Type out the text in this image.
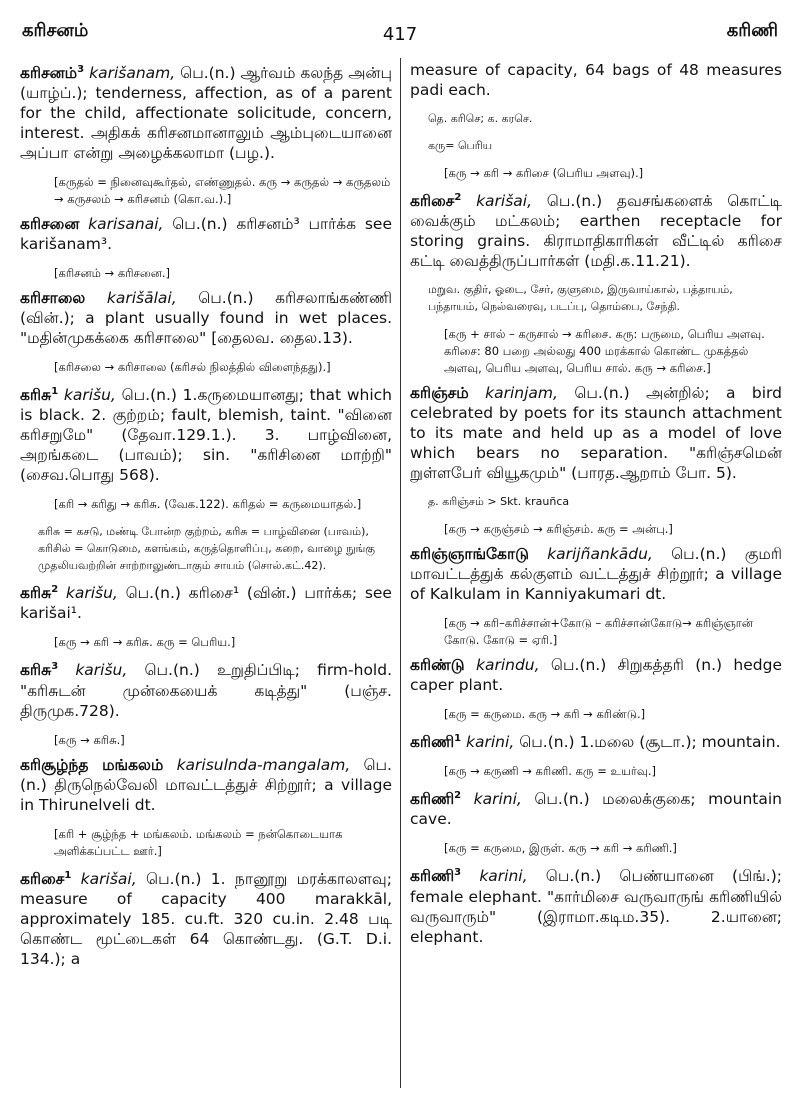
கரிசனம்	417	கரிணி
கரிசனம்$^3$ karišanam, பெ.(n.) ஆர்வம் கலந்த அன்பு (யாழ்ப்.); tenderness, affection, as of a parent for the child, affectionate solicitude, concern, interest. அதிகக் கரிசனமானாலும் ஆம்புடையானை அப்பா என்று அழைக்கலாமா (பழ.).
[கருதல் = நினைவுகூர்தல், எண்ணுதல். கரு → கருதல் → கருதலம் → கருசலம் → கரிசனம் (கொ.வ.).]
கரிசனை karisanai, பெ.(n.) கரிசனம்³ பார்க்க see karišanam³.
[கரிசனம் → கரிசனை.]
கரிசாலை karišālai, பெ.(n.) கரிசலாங்கண்ணி (வின்.); a plant usually found in wet places. "மதின்முகக்கை கரிசாலை" [தைலவ. தைல.13).
[கரிசலை → கரிசாலை (கரிசல் நிலத்தில் விளைந்தது).]
கரிசு$^1$ karišu, பெ.(n.) 1.கருமையானது; that which is black. 2. குற்றம்; fault, blemish, taint. "வினை கரிசறுமே" (தேவா.129.1.). 3. பாழ்வினை, அறங்கடை (பாவம்); sin. "கரிசினை மாற்றி" (சைவ.பொது 568).
[கரி → கரிது → கரிசு. (வேக.122). கரிதல் = கருமையாதல்.]
கரிசு = கசடு, மண்டி போன்ற குற்றம், கரிசு = பாழ்வினை (பாவம்), கரிசில் = கொடுமை, களங்கம், கருத்தொளிப்பு, கறை, வாழை நுங்கு முதலியவற்றின் சாற்றாலுண்டாகும் சாயம் (சொல்.கட்.42).
கரிசு$^2$ karišu, பெ.(n.) கரிசை¹ (வின்.) பார்க்க; see karišai¹.
[கரு → கரி → கரிசு. கரு = பெரிய.]
கரிசு$^3$ karišu, பெ.(n.) உறுதிப்பிடி; firm-hold. "கரிசுடன் முன்கையைக் கடித்து" (பஞ்ச. திருமுக.728).
[கரு → கரிசு.]
கரிசூழ்ந்த மங்கலம் karisulnda-mangalam, பெ.(n.) திருநெல்வேலி மாவட்டத்துச் சிற்றூர்; a village in Thirunelveli dt.
[கரி + சூழ்ந்த + மங்கலம். மங்கலம் = நன்கொடையாக அளிக்கப்பட்ட ஊர்.]
கரிசை$^1$ karišai, பெ.(n.) 1. நானூறு மரக்காலளவு; measure of capacity 400 marakkāl, approximately 185. cu.ft. 320 cu.in. 2.48 படி கொண்ட மூட்டைகள் 64 கொண்டது. (G.T. D.i. 134.); a
measure of capacity, 64 bags of 48 measures padi each.
தெ. கரிசெ; க. கரசெ.
கரு= பெரிய
[கரு → கரி → கரிசை (பெரிய அளவு).]
கரிசை$^2$ karišai, பெ.(n.) தவசங்களைக் கொட்டி வைக்கும் மட்கலம்; earthen receptacle for storing grains. கிராமாதிகாரிகள் வீட்டில் கரிசை கட்டி வைத்திருப்பார்கள் (மதி.க.11.21).
மறுவ. குதிர், ஓடை, சேர், குளுமை, இருவாய்கால், பத்தாயம், பந்தாயம், நெல்வரைவு, படப்பு, தொம்பை, சேந்தி.
[கரு + சால் – கருசால் → கரிசை. கரு: பருமை, பெரிய அளவு. கரிசை: 80 பறை அல்லது 400 மரக்கால் கொண்ட முகத்தல் அளவு, பெரிய அளவு, பெரிய சால். கரு → கரிசை.]
கரிஞ்சம் karinjam, பெ.(n.) அன்றில்; a bird celebrated by poets for its staunch attachment to its mate and held up as a model of love which bears no separation. "கரிஞ்சமென் றுள்ளபேர் வியூகமும்" (பாரத.ஆறாம் போ. 5).
த. கரிஞ்சம் > Skt. krauñca
[கரு → கருஞ்சம் → கரிஞ்சம். கரு = அன்பு.]
கரிஞ்ஞாங்கோடு karijñankādu, பெ.(n.) குமரி மாவட்டத்துக் கல்குளம் வட்டத்துச் சிற்றூர்; a village of Kalkulam in Kanniyakumari dt.
[கரு → கரி–கரிச்சான்+கோடு – கரிச்சான்கோடு→ கரிஞ்ஞான் கோடு. கோடு = ஏரி.]
கரிண்டு karindu, பெ.(n.) சிறுகத்தரி (n.) hedge caper plant.
[கரு = கருமை. கரு → கரி → கரிண்டு.]
கரிணி$^1$ karini, பெ.(n.) 1.மலை (சூடா.); mountain.
[கரு → கருணி → கரிணி. கரு = உயர்வு.]
கரிணி$^2$ karini, பெ.(n.) மலைக்குகை; mountain cave.
[கரு = கருமை, இருள். கரு → கரி → கரிணி.]
கரிணி$^3$ karini, பெ.(n.) பெண்யானை (பிங்.); female elephant. "கார்மிசை வருவாருங் கரிணியில் வருவாரும்" (இராமா.கடிம.35). 2.யானை; elephant.
